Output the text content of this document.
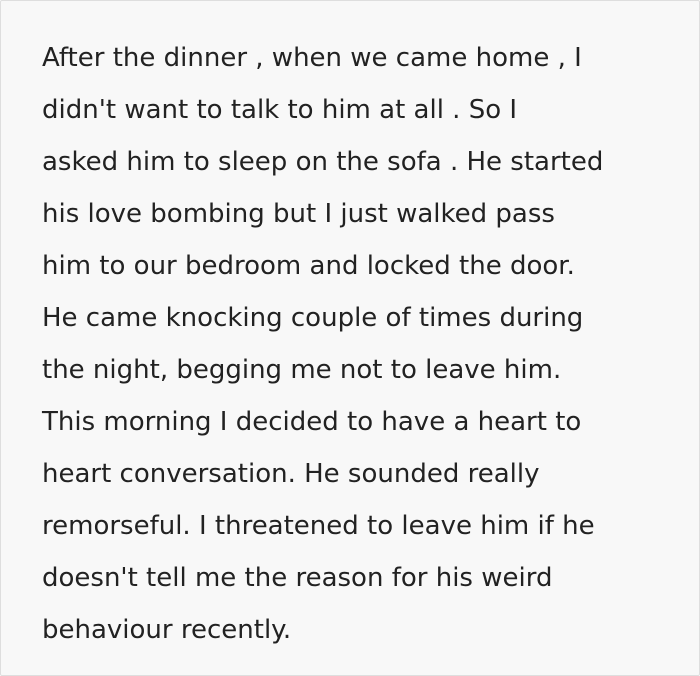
After the dinner , when we came home , I
didn't want to talk to him at all . So I
asked him to sleep on the sofa . He started
his love bombing but I just walked pass
him to our bedroom and locked the door.
He came knocking couple of times during
the night, begging me not to leave him.
This morning I decided to have a heart to
heart conversation. He sounded really
remorseful. I threatened to leave him if he
doesn't tell me the reason for his weird
behaviour recently.
